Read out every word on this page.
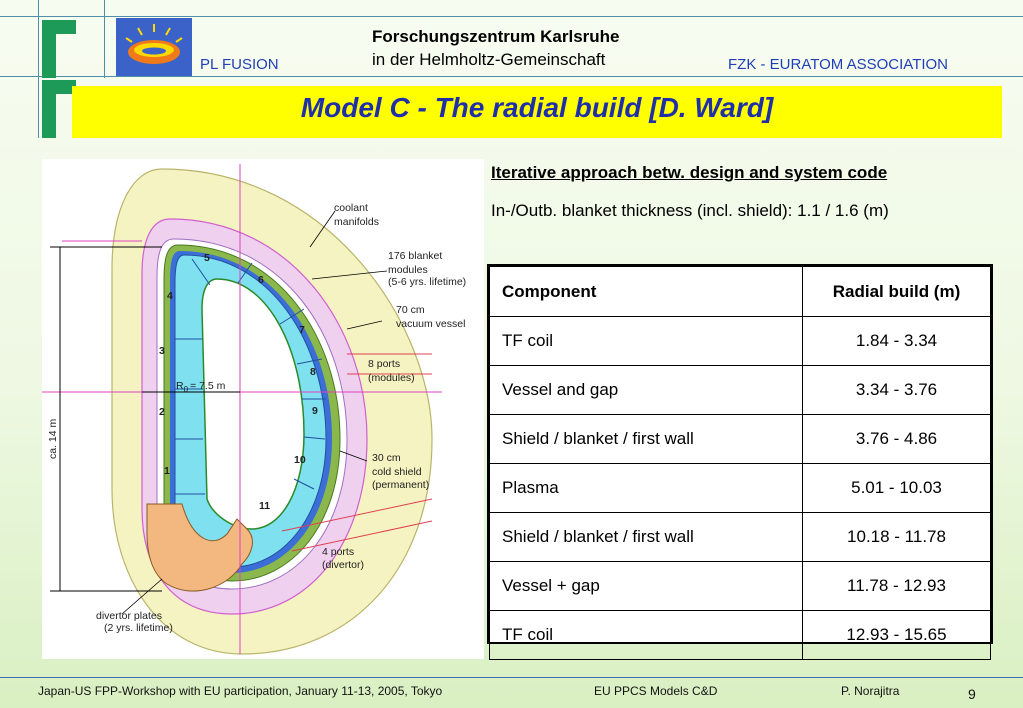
PL FUSION
Forschungszentrum Karlsruhe
in der Helmholtz-Gemeinschaft	FZK - EURATOM ASSOCIATION
Model C - The radial build [D. Ward]
Iterative approach betw. design and system code
In-/Outb. blanket thickness (incl. shield): 1.1 / 1.6 (m)
1
2
3
4
5
6
7
8
9
10
11
coolant
manifolds
176 blanket
modules
(5-6 yrs. lifetime)
70 cm
vacuum vessel
8 ports
(modules)
$R_0 = 7.5$ m
30 cm
cold shield
(permanent)
4 ports
(divertor)
ca. 14 m
divertor plates
(2 yrs. lifetime)
Component	Radial build (m)
TF coil	1.84 - 3.34
Vessel and gap	3.34 - 3.76
Shield / blanket / first wall	3.76 - 4.86
Plasma	5.01 - 10.03
Shield / blanket / first wall	10.18 - 11.78
Vessel + gap	11.78 - 12.93
TF coil	12.93 - 15.65
Japan-US FPP-Workshop with EU participation, January 11-13, 2005, Tokyo	EU PPCS Models C&D	P. Norajitra	9
